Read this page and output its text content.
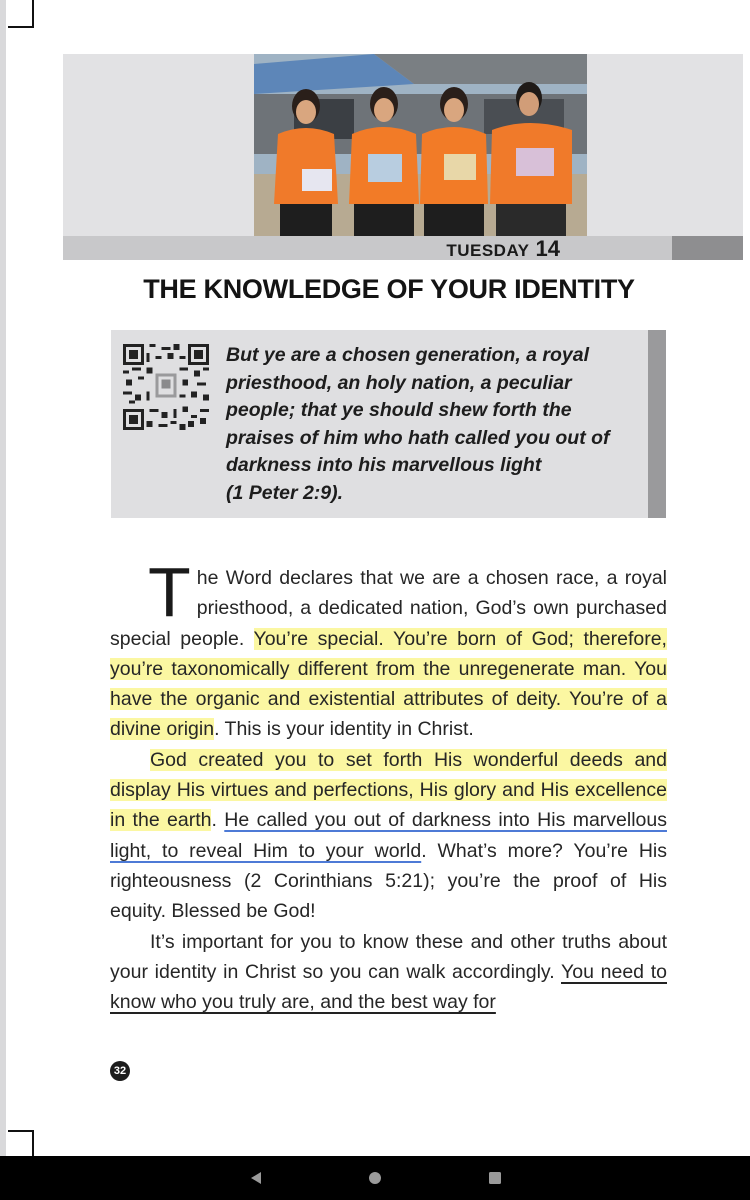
TUESDAY 14
THE KNOWLEDGE OF YOUR IDENTITY
But ye are a chosen generation, a royal priesthood, an holy nation, a peculiar people; that ye should shew forth the praises of him who hath called you out of darkness into his marvellous light
(1 Peter 2:9).

The Word declares that we are a chosen race, a royal priesthood, a dedicated nation, God’s own purchased special people. You’re special. You’re born of God; therefore, you’re taxonomically different from the unregenerate man. You have the organic and existential attributes of deity. You’re of a divine origin. This is your identity in Christ.

God created you to set forth His wonderful deeds and display His virtues and perfections, His glory and His excellence in the earth. He called you out of darkness into His marvellous light, to reveal Him to your world. What’s more? You’re His righteousness (2 Corinthians 5:21); you’re the proof of His equity. Blessed be God!

It’s important for you to know these and other truths about your identity in Christ so you can walk accordingly. You need to know who you truly are, and the best way for

32
